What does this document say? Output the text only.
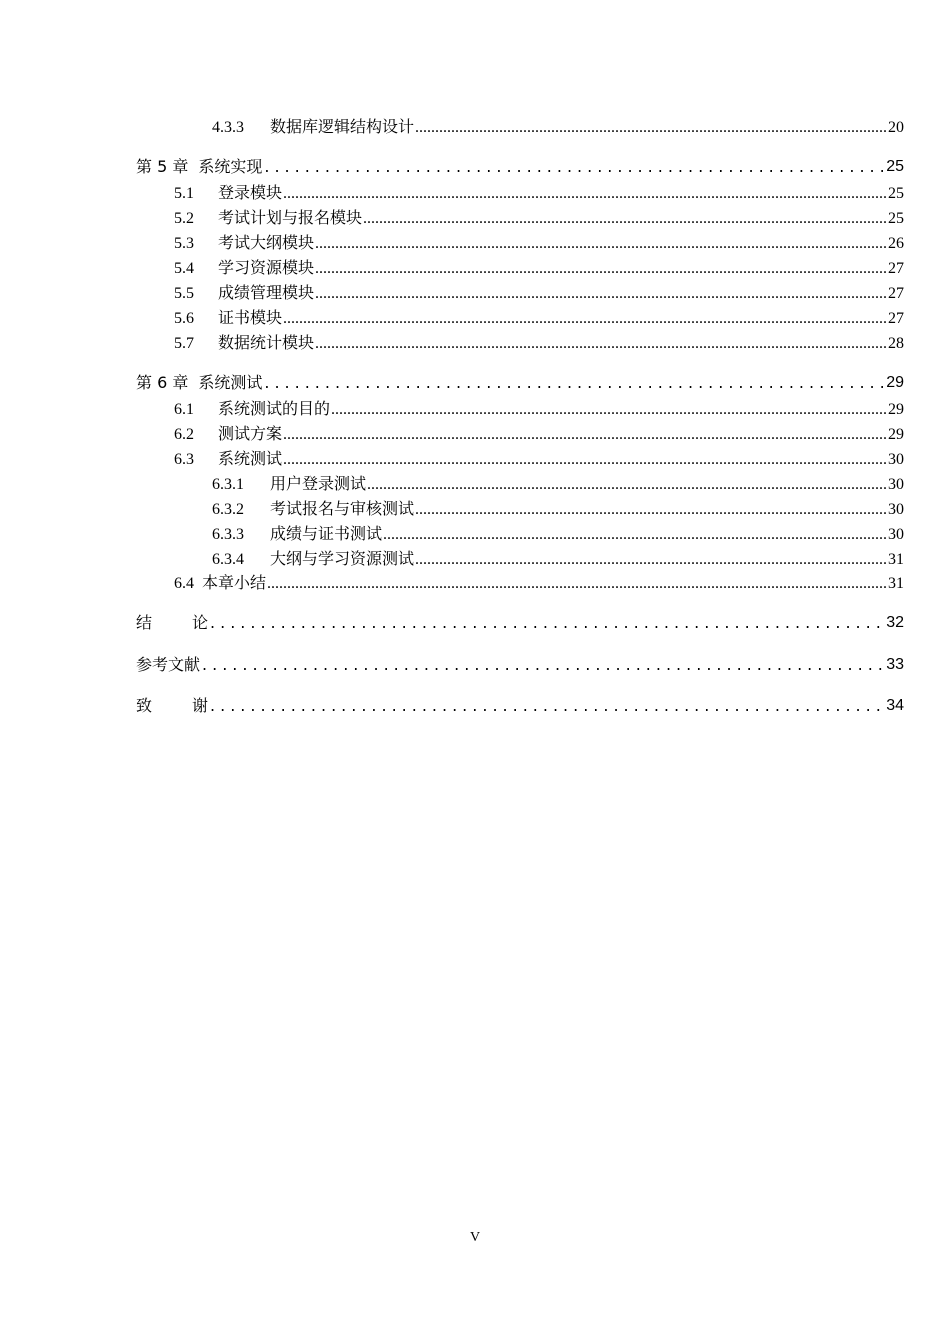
4.3.3	数据库逻辑结构设计 .....	20
第 5 章 系统实现 .....	25
5.1	登录模块 .....	25
5.2	考试计划与报名模块 .....	25
5.3	考试大纲模块 .....	26
5.4	学习资源模块 .....	27
5.5	成绩管理模块 .....	27
5.6	证书模块 .....	27
5.7	数据统计模块 .....	28
第 6 章 系统测试 .....	29
6.1	系统测试的目的 .....	29
6.2	测试方案 .....	29
6.3	系统测试 .....	30
6.3.1	用户登录测试 .....	30
6.3.2	考试报名与审核测试 .....	30
6.3.3	成绩与证书测试 .....	30
6.3.4	大纲与学习资源测试 .....	31
6.4 本章小结 .....	31
结	论 .....	32
参考文献 .....	33
致	谢 .....	34
V
